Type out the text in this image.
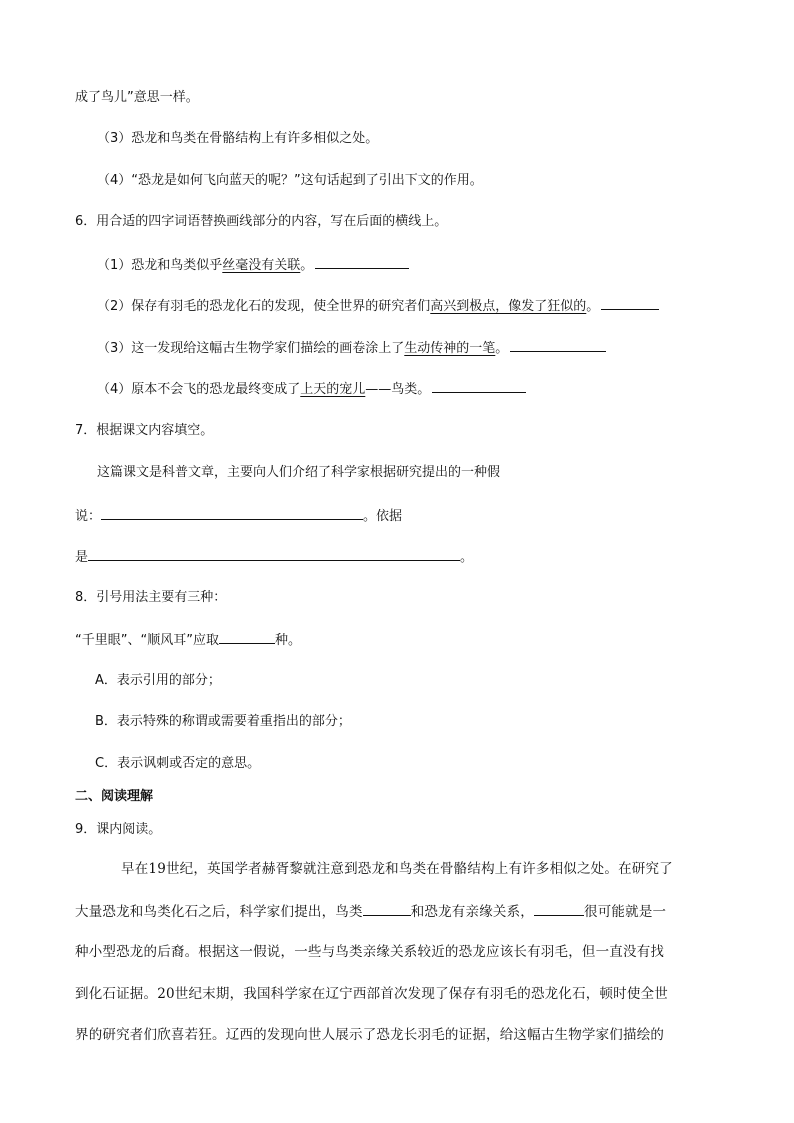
成了鸟儿”意思一样。
（3）恐龙和鸟类在骨骼结构上有许多相似之处。
（4）“恐龙是如何飞向蓝天的呢？”这句话起到了引出下文的作用。
6．用合适的四字词语替换画线部分的内容，写在后面的横线上。
（1）恐龙和鸟类似乎丝毫没有关联。
（2）保存有羽毛的恐龙化石的发现，使全世界的研究者们高兴到极点，像发了狂似的。
（3）这一发现给这幅古生物学家们描绘的画卷涂上了生动传神的一笔。
（4）原本不会飞的恐龙最终变成了上天的宠儿——鸟类。
7．根据课文内容填空。
这篇课文是科普文章，主要向人们介绍了科学家根据研究提出的一种假
说：	。依据
是	。
8．引号用法主要有三种：
“千里眼”、“顺风耳”应取	种。
A．表示引用的部分；
B．表示特殊的称谓或需要着重指出的部分；
C．表示讽刺或否定的意思。
二、阅读理解
9．课内阅读。
早在19世纪，英国学者赫胥黎就注意到恐龙和鸟类在骨骼结构上有许多相似之处。在研究了
大量恐龙和鸟类化石之后，科学家们提出，鸟类	和恐龙有亲缘关系，	很可能就是一
种小型恐龙的后裔。根据这一假说，一些与鸟类亲缘关系较近的恐龙应该长有羽毛，但一直没有找
到化石证据。20世纪末期，我国科学家在辽宁西部首次发现了保存有羽毛的恐龙化石，顿时使全世
界的研究者们欣喜若狂。辽西的发现向世人展示了恐龙长羽毛的证据，给这幅古生物学家们描绘的
